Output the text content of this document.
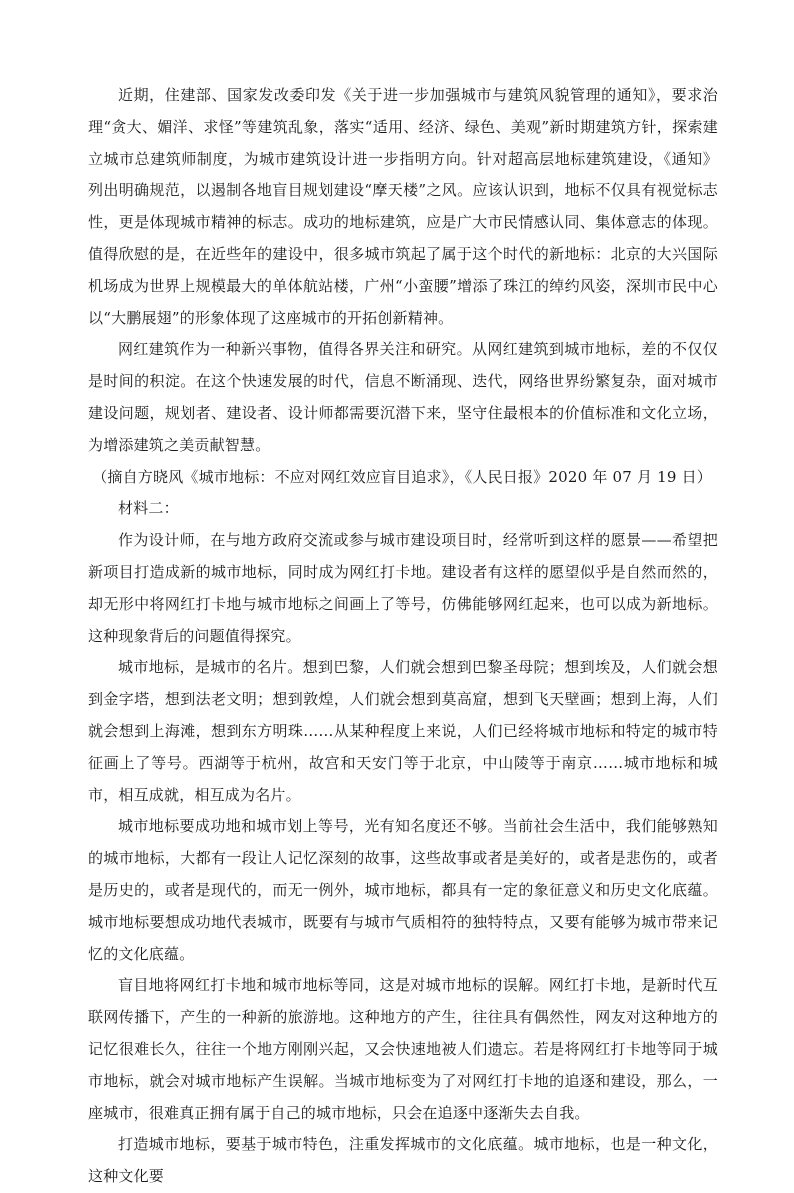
近期，住建部、国家发改委印发《关于进一步加强城市与建筑风貌管理的通知》，要求治理“贪大、媚洋、求怪”等建筑乱象，落实“适用、经济、绿色、美观”新时期建筑方针，探索建立城市总建筑师制度，为城市建筑设计进一步指明方向。针对超高层地标建筑建设，《通知》列出明确规范，以遏制各地盲目规划建设“摩天楼”之风。应该认识到，地标不仅具有视觉标志性，更是体现城市精神的标志。成功的地标建筑，应是广大市民情感认同、集体意志的体现。值得欣慰的是，在近些年的建设中，很多城市筑起了属于这个时代的新地标：北京的大兴国际机场成为世界上规模最大的单体航站楼，广州“小蛮腰”增添了珠江的绰约风姿，深圳市民中心以“大鹏展翅”的形象体现了这座城市的开拓创新精神。

网红建筑作为一种新兴事物，值得各界关注和研究。从网红建筑到城市地标，差的不仅仅是时间的积淀。在这个快速发展的时代，信息不断涌现、迭代，网络世界纷繁复杂，面对城市建设问题，规划者、建设者、设计师都需要沉潜下来，坚守住最根本的价值标准和文化立场，为增添建筑之美贡献智慧。

（摘自方晓风《城市地标：不应对网红效应盲目追求》，《人民日报》2020 年 07 月 19 日）

材料二：

作为设计师，在与地方政府交流或参与城市建设项目时，经常听到这样的愿景——希望把新项目打造成新的城市地标，同时成为网红打卡地。建设者有这样的愿望似乎是自然而然的，却无形中将网红打卡地与城市地标之间画上了等号，仿佛能够网红起来，也可以成为新地标。这种现象背后的问题值得探究。

城市地标，是城市的名片。想到巴黎，人们就会想到巴黎圣母院；想到埃及，人们就会想到金字塔，想到法老文明；想到敦煌，人们就会想到莫高窟，想到飞天壁画；想到上海，人们就会想到上海滩，想到东方明珠……从某种程度上来说，人们已经将城市地标和特定的城市特征画上了等号。西湖等于杭州，故宫和天安门等于北京，中山陵等于南京……城市地标和城市，相互成就，相互成为名片。

城市地标要成功地和城市划上等号，光有知名度还不够。当前社会生活中，我们能够熟知的城市地标，大都有一段让人记忆深刻的故事，这些故事或者是美好的，或者是悲伤的，或者是历史的，或者是现代的，而无一例外，城市地标，都具有一定的象征意义和历史文化底蕴。城市地标要想成功地代表城市，既要有与城市气质相符的独特特点，又要有能够为城市带来记忆的文化底蕴。

盲目地将网红打卡地和城市地标等同，这是对城市地标的误解。网红打卡地，是新时代互联网传播下，产生的一种新的旅游地。这种地方的产生，往往具有偶然性，网友对这种地方的记忆很难长久，往往一个地方刚刚兴起，又会快速地被人们遗忘。若是将网红打卡地等同于城市地标，就会对城市地标产生误解。当城市地标变为了对网红打卡地的追逐和建设，那么，一座城市，很难真正拥有属于自己的城市地标，只会在追逐中逐渐失去自我。

打造城市地标，要基于城市特色，注重发挥城市的文化底蕴。城市地标，也是一种文化，这种文化要
